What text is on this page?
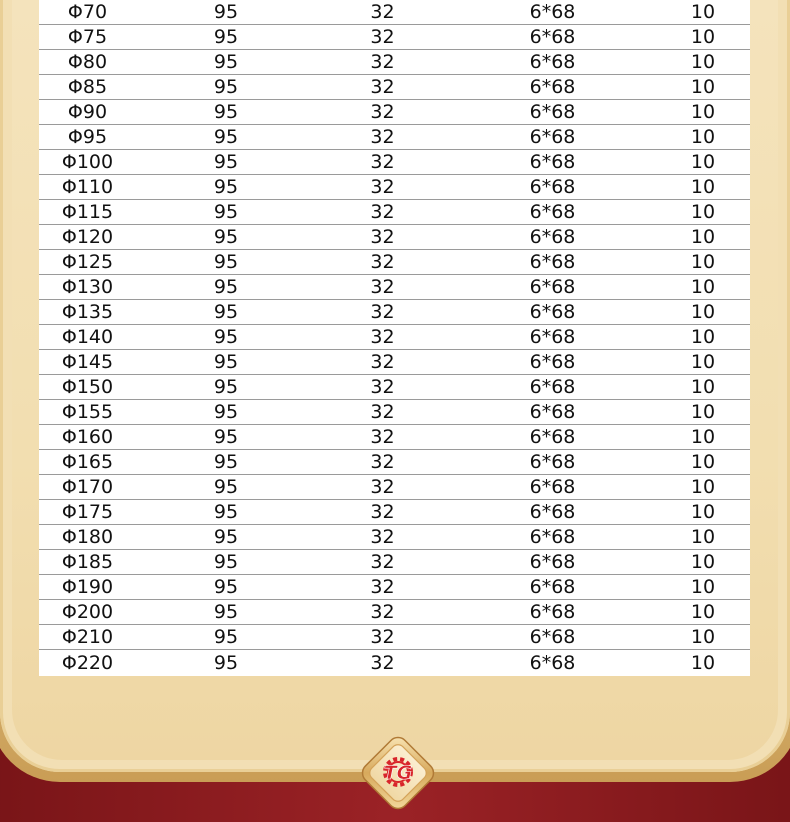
Φ70	95	32	6*68	10
Φ75	95	32	6*68	10
Φ80	95	32	6*68	10
Φ85	95	32	6*68	10
Φ90	95	32	6*68	10
Φ95	95	32	6*68	10
Φ100	95	32	6*68	10
Φ110	95	32	6*68	10
Φ115	95	32	6*68	10
Φ120	95	32	6*68	10
Φ125	95	32	6*68	10
Φ130	95	32	6*68	10
Φ135	95	32	6*68	10
Φ140	95	32	6*68	10
Φ145	95	32	6*68	10
Φ150	95	32	6*68	10
Φ155	95	32	6*68	10
Φ160	95	32	6*68	10
Φ165	95	32	6*68	10
Φ170	95	32	6*68	10
Φ175	95	32	6*68	10
Φ180	95	32	6*68	10
Φ185	95	32	6*68	10
Φ190	95	32	6*68	10
Φ200	95	32	6*68	10
Φ210	95	32	6*68	10
Φ220	95	32	6*68	10
TG
